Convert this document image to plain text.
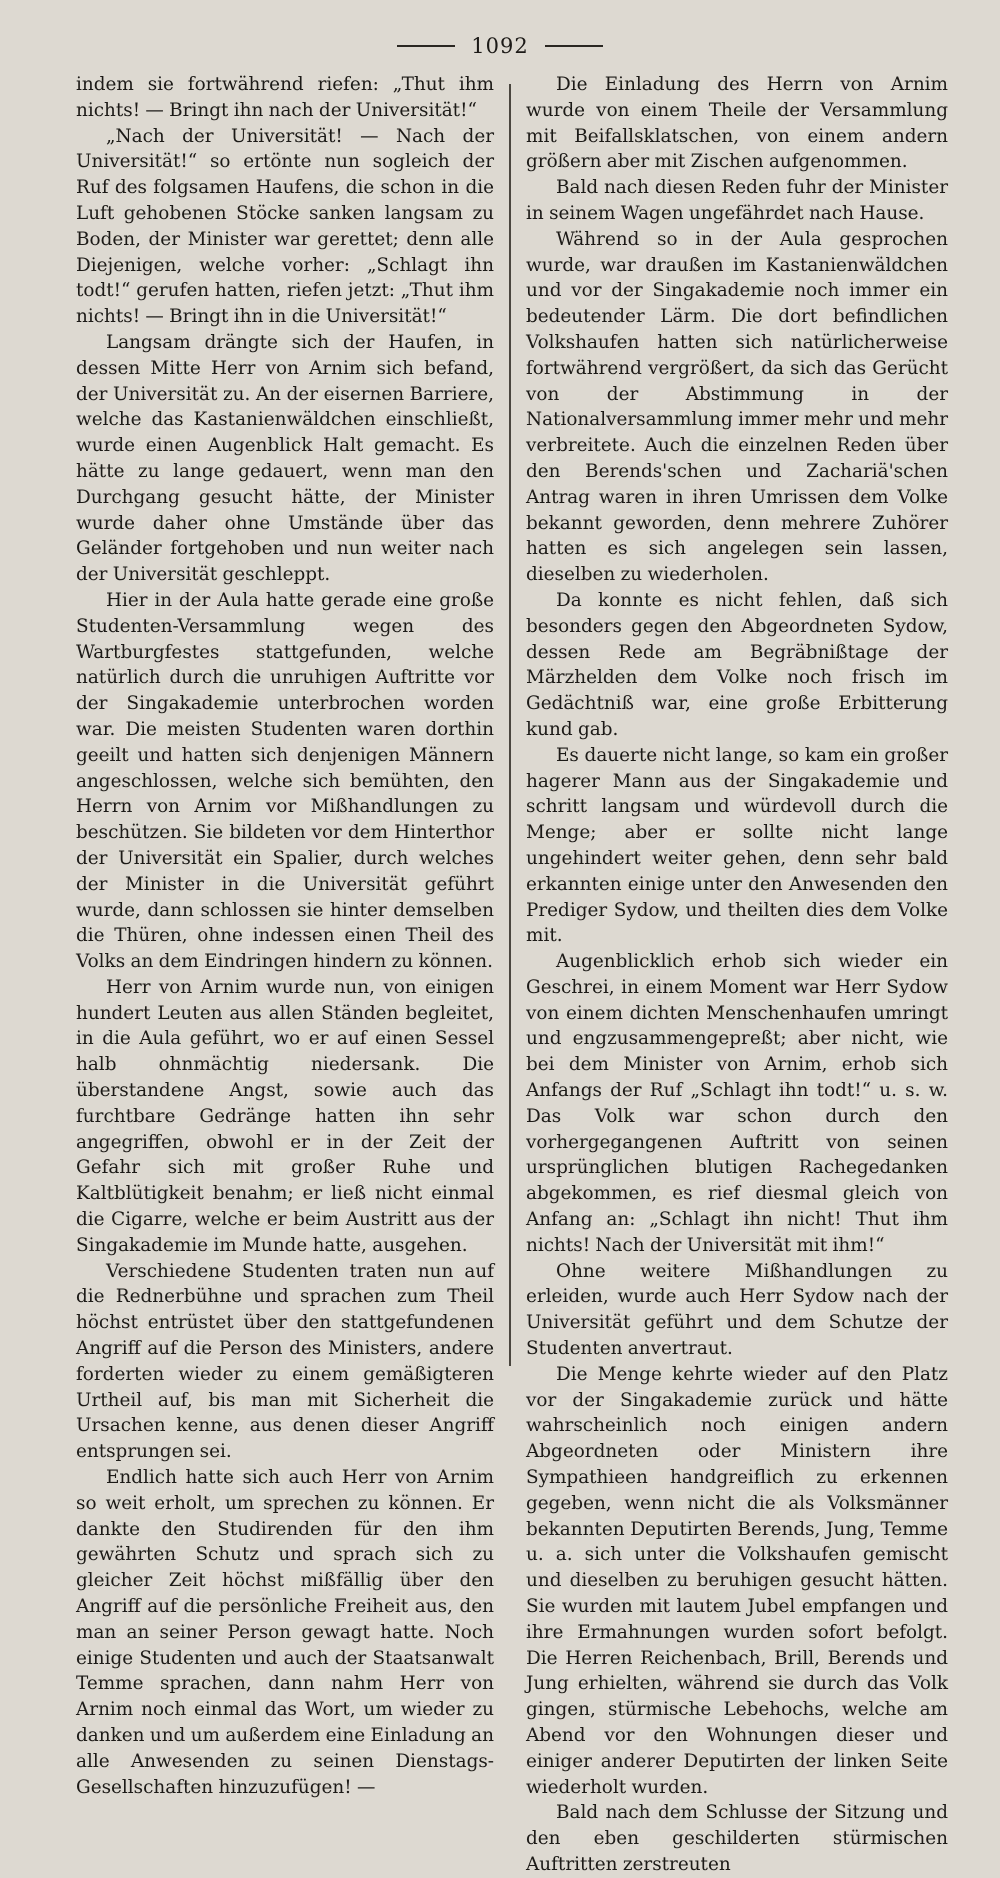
1092

indem sie fortwährend riefen: „Thut ihm nichts! — Bringt ihn nach der Universität!“

„Nach der Universität! — Nach der Universität!“ so ertönte nun sogleich der Ruf des folgsamen Haufens, die schon in die Luft gehobenen Stöcke sanken langsam zu Boden, der Minister war gerettet; denn alle Diejenigen, welche vorher: „Schlagt ihn todt!“ gerufen hatten, riefen jetzt: „Thut ihm nichts! — Bringt ihn in die Universität!“

Langsam drängte sich der Haufen, in dessen Mitte Herr von Arnim sich befand, der Universität zu. An der eisernen Barriere, welche das Kastanienwäldchen einschließt, wurde einen Augenblick Halt gemacht. Es hätte zu lange gedauert, wenn man den Durchgang gesucht hätte, der Minister wurde daher ohne Umstände über das Geländer fortgehoben und nun weiter nach der Universität geschleppt.

Hier in der Aula hatte gerade eine große Studenten-Versammlung wegen des Wartburgfestes stattgefunden, welche natürlich durch die unruhigen Auftritte vor der Singakademie unterbrochen worden war. Die meisten Studenten waren dorthin geeilt und hatten sich denjenigen Männern angeschlossen, welche sich bemühten, den Herrn von Arnim vor Mißhandlungen zu beschützen. Sie bildeten vor dem Hinterthor der Universität ein Spalier, durch welches der Minister in die Universität geführt wurde, dann schlossen sie hinter demselben die Thüren, ohne indessen einen Theil des Volks an dem Eindringen hindern zu können.

Herr von Arnim wurde nun, von einigen hundert Leuten aus allen Ständen begleitet, in die Aula geführt, wo er auf einen Sessel halb ohnmächtig niedersank. Die überstandene Angst, sowie auch das furchtbare Gedränge hatten ihn sehr angegriffen, obwohl er in der Zeit der Gefahr sich mit großer Ruhe und Kaltblütigkeit benahm; er ließ nicht einmal die Cigarre, welche er beim Austritt aus der Singakademie im Munde hatte, ausgehen.

Verschiedene Studenten traten nun auf die Rednerbühne und sprachen zum Theil höchst entrüstet über den stattgefundenen Angriff auf die Person des Ministers, andere forderten wieder zu einem gemäßigteren Urtheil auf, bis man mit Sicherheit die Ursachen kenne, aus denen dieser Angriff entsprungen sei.

Endlich hatte sich auch Herr von Arnim so weit erholt, um sprechen zu können. Er dankte den Studirenden für den ihm gewährten Schutz und sprach sich zu gleicher Zeit höchst mißfällig über den Angriff auf die persönliche Freiheit aus, den man an seiner Person gewagt hatte. Noch einige Studenten und auch der Staatsanwalt Temme sprachen, dann nahm Herr von Arnim noch einmal das Wort, um wieder zu danken und um außerdem eine Einladung an alle Anwesenden zu seinen Dienstags-Gesellschaften hinzuzufügen! —

Die Einladung des Herrn von Arnim wurde von einem Theile der Versammlung mit Beifallsklatschen, von einem andern größern aber mit Zischen aufgenommen.

Bald nach diesen Reden fuhr der Minister in seinem Wagen ungefährdet nach Hause.

Während so in der Aula gesprochen wurde, war draußen im Kastanienwäldchen und vor der Singakademie noch immer ein bedeutender Lärm. Die dort befindlichen Volkshaufen hatten sich natürlicherweise fortwährend vergrößert, da sich das Gerücht von der Abstimmung in der Nationalversammlung immer mehr und mehr verbreitete. Auch die einzelnen Reden über den Berends'schen und Zachariä'schen Antrag waren in ihren Umrissen dem Volke bekannt geworden, denn mehrere Zuhörer hatten es sich angelegen sein lassen, dieselben zu wiederholen.

Da konnte es nicht fehlen, daß sich besonders gegen den Abgeordneten Sydow, dessen Rede am Begräbnißtage der Märzhelden dem Volke noch frisch im Gedächtniß war, eine große Erbitterung kund gab.

Es dauerte nicht lange, so kam ein großer hagerer Mann aus der Singakademie und schritt langsam und würdevoll durch die Menge; aber er sollte nicht lange ungehindert weiter gehen, denn sehr bald erkannten einige unter den Anwesenden den Prediger Sydow, und theilten dies dem Volke mit.

Augenblicklich erhob sich wieder ein Geschrei, in einem Moment war Herr Sydow von einem dichten Menschenhaufen umringt und engzusammengepreßt; aber nicht, wie bei dem Minister von Arnim, erhob sich Anfangs der Ruf „Schlagt ihn todt!“ u. s. w. Das Volk war schon durch den vorhergegangenen Auftritt von seinen ursprünglichen blutigen Rachegedanken abgekommen, es rief diesmal gleich von Anfang an: „Schlagt ihn nicht! Thut ihm nichts! Nach der Universität mit ihm!“

Ohne weitere Mißhandlungen zu erleiden, wurde auch Herr Sydow nach der Universität geführt und dem Schutze der Studenten anvertraut.

Die Menge kehrte wieder auf den Platz vor der Singakademie zurück und hätte wahrscheinlich noch einigen andern Abgeordneten oder Ministern ihre Sympathieen handgreiflich zu erkennen gegeben, wenn nicht die als Volksmänner bekannten Deputirten Berends, Jung, Temme u. a. sich unter die Volkshaufen gemischt und dieselben zu beruhigen gesucht hätten. Sie wurden mit lautem Jubel empfangen und ihre Ermahnungen wurden sofort befolgt. Die Herren Reichenbach, Brill, Berends und Jung erhielten, während sie durch das Volk gingen, stürmische Lebehochs, welche am Abend vor den Wohnungen dieser und einiger anderer Deputirten der linken Seite wiederholt wurden.

Bald nach dem Schlusse der Sitzung und den eben geschilderten stürmischen Auftritten zerstreuten
